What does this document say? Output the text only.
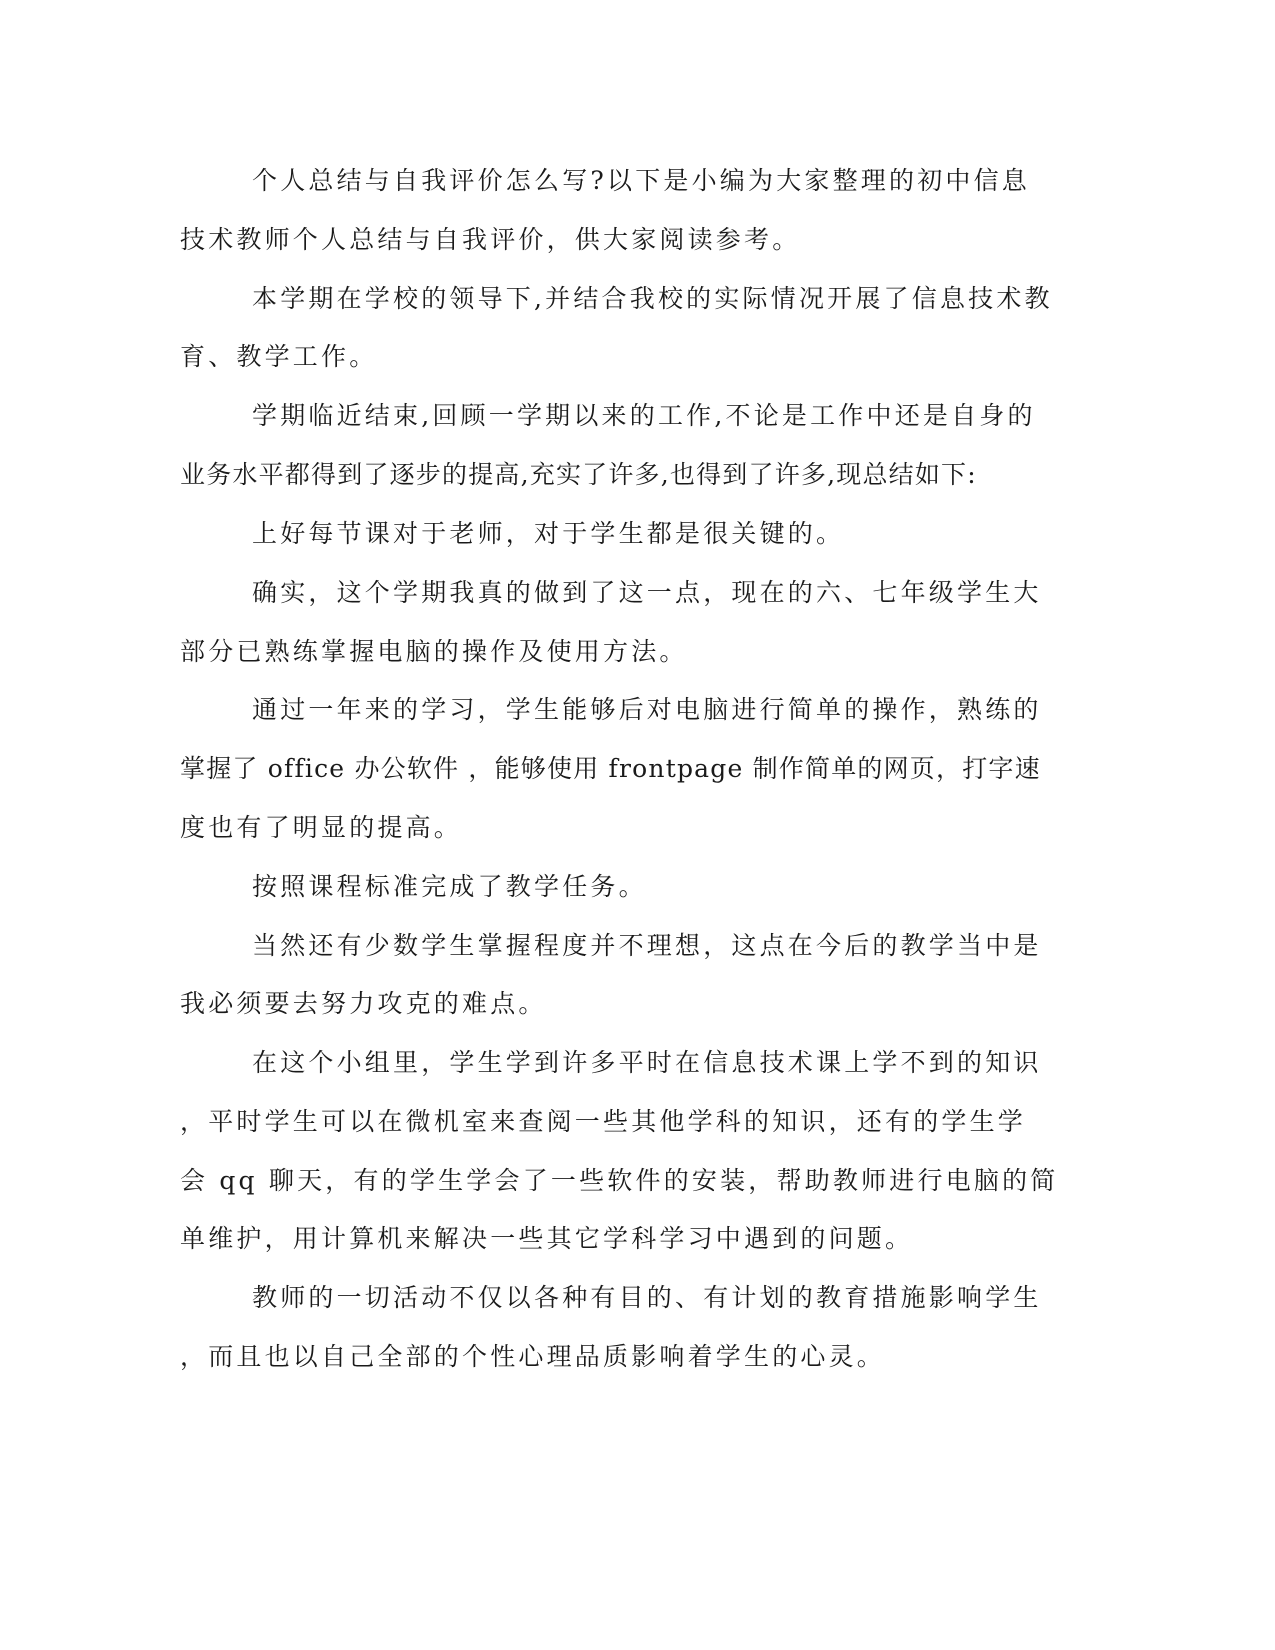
个人总结与自我评价怎么写?以下是小编为大家整理的初中信息
技术教师个人总结与自我评价，供大家阅读参考。
本学期在学校的领导下,并结合我校的实际情况开展了信息技术教
育、教学工作。
学期临近结束,回顾一学期以来的工作,不论是工作中还是自身的
业务水平都得到了逐步的提高,充实了许多,也得到了许多,现总结如下:
上好每节课对于老师，对于学生都是很关键的。
确实，这个学期我真的做到了这一点，现在的六、七年级学生大
部分已熟练掌握电脑的操作及使用方法。
通过一年来的学习，学生能够后对电脑进行简单的操作，熟练的
掌握了 office 办公软件 ，能够使用 frontpage 制作简单的网页，打字速
度也有了明显的提高。
按照课程标准完成了教学任务。
当然还有少数学生掌握程度并不理想，这点在今后的教学当中是
我必须要去努力攻克的难点。
在这个小组里，学生学到许多平时在信息技术课上学不到的知识
，平时学生可以在微机室来查阅一些其他学科的知识，还有的学生学
会 qq 聊天，有的学生学会了一些软件的安装，帮助教师进行电脑的简
单维护，用计算机来解决一些其它学科学习中遇到的问题。
教师的一切活动不仅以各种有目的、有计划的教育措施影响学生
，而且也以自己全部的个性心理品质影响着学生的心灵。
